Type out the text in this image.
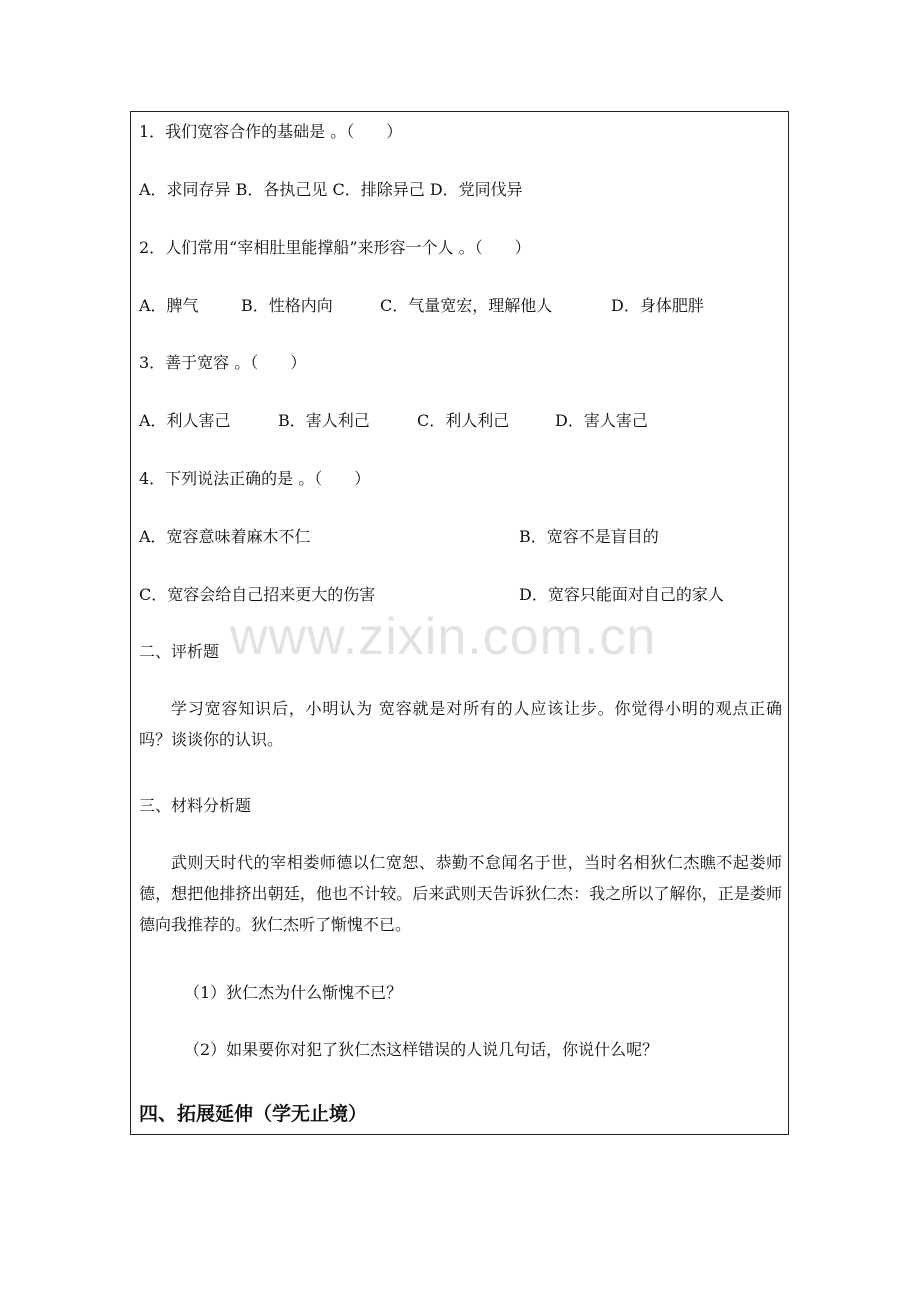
www.zixin.com.cn
1．我们宽容合作的基础是 。（　　）
A．求同存异 B．各执己见 C．排除异己 D．党同伐异
2．人们常用“宰相肚里能撑船”来形容一个人 。（　　）
A．脾气	B．性格内向	C．气量宽宏，理解他人	D．身体肥胖
3．善于宽容 。（　　）
A．利人害己	B．害人利己	C．利人利己	D．害人害己
4．下列说法正确的是 。（　　）
A．宽容意味着麻木不仁	B．宽容不是盲目的
C．宽容会给自己招来更大的伤害	D．宽容只能面对自己的家人
二、评析题
学习宽容知识后，小明认为 宽容就是对所有的人应该让步。你觉得小明的观点正确吗？谈谈你的认识。
三、材料分析题
武则天时代的宰相娄师德以仁宽恕、恭勤不怠闻名于世，当时名相狄仁杰瞧不起娄师德，想把他排挤出朝廷，他也不计较。后来武则天告诉狄仁杰：我之所以了解你，正是娄师德向我推荐的。狄仁杰听了惭愧不已。
（1）狄仁杰为什么惭愧不已？
（2）如果要你对犯了狄仁杰这样错误的人说几句话，你说什么呢？
四、拓展延伸（学无止境）
